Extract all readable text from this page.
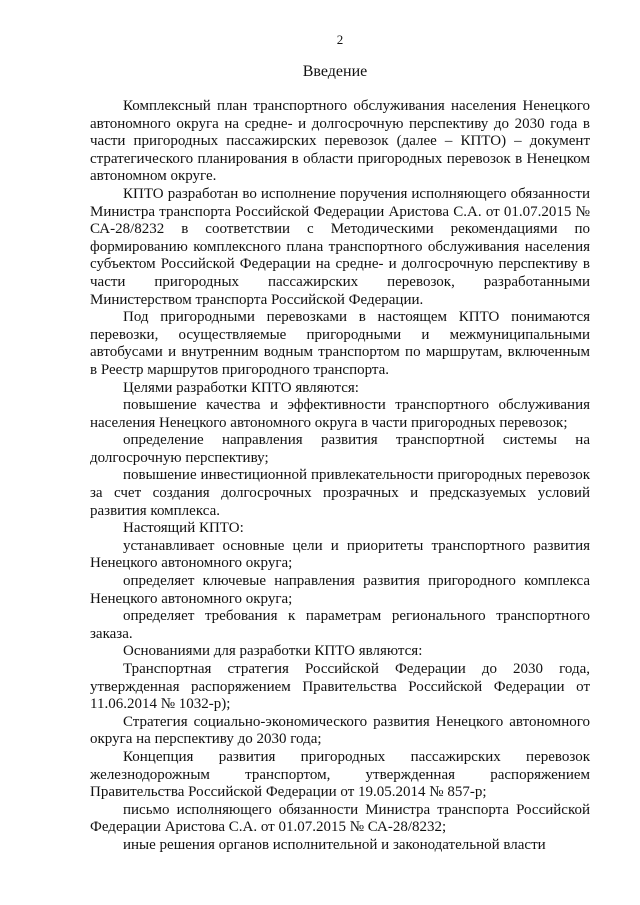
2
Введение

Комплексный план транспортного обслуживания населения Ненецкого автономного округа на средне- и долгосрочную перспективу до 2030 года в части пригородных пассажирских перевозок (далее – КПТО) – документ стратегического планирования в области пригородных перевозок в Ненецком автономном округе.

КПТО разработан во исполнение поручения исполняющего обязанности Министра транспорта Российской Федерации Аристова С.А. от 01.07.2015 № СА-28/8232 в соответствии с Методическими рекомендациями по формированию комплексного плана транспортного обслуживания населения субъектом Российской Федерации на средне- и долгосрочную перспективу в части пригородных пассажирских перевозок, разработанными Министерством транспорта Российской Федерации.

Под пригородными перевозками в настоящем КПТО понимаются перевозки, осуществляемые пригородными и межмуниципальными автобусами и внутренним водным транспортом по маршрутам, включенным в Реестр маршрутов пригородного транспорта.

Целями разработки КПТО являются:

повышение качества и эффективности транспортного обслуживания населения Ненецкого автономного округа в части пригородных перевозок;

определение направления развития транспортной системы на долгосрочную перспективу;

повышение инвестиционной привлекательности пригородных перевозок за счет создания долгосрочных прозрачных и предсказуемых условий развития комплекса.

Настоящий КПТО:

устанавливает основные цели и приоритеты транспортного развития Ненецкого автономного округа;

определяет ключевые направления развития пригородного комплекса Ненецкого автономного округа;

определяет требования к параметрам регионального транспортного заказа.

Основаниями для разработки КПТО являются:

Транспортная стратегия Российской Федерации до 2030 года, утвержденная распоряжением Правительства Российской Федерации от 11.06.2014 № 1032-р);

Стратегия социально-экономического развития Ненецкого автономного округа на перспективу до 2030 года;

Концепция развития пригородных пассажирских перевозок железнодорожным транспортом, утвержденная распоряжением Правительства Российской Федерации от 19.05.2014 № 857-р;

письмо исполняющего обязанности Министра транспорта Российской Федерации Аристова С.А. от 01.07.2015 № СА-28/8232;

иные решения органов исполнительной и законодательной власти
